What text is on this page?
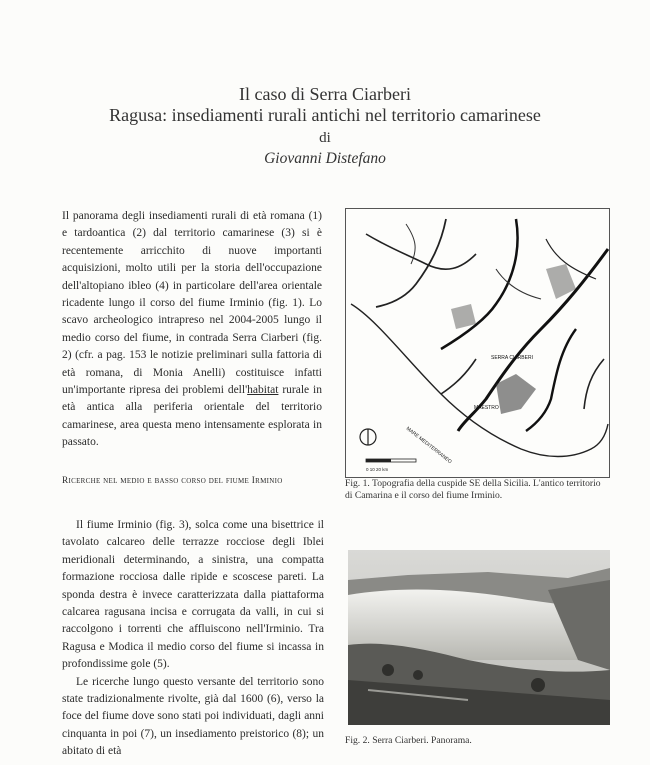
Il caso di Serra Ciarberi
Ragusa: insediamenti rurali antichi nel territorio camarinese
di
Giovanni Distefano

Il panorama degli insediamenti rurali di età romana (1) e tardoantica (2) dal territorio camarinese (3) si è recentemente arricchito di nuove importanti acquisizioni, molto utili per la storia dell'occupazione dell'altopiano ibleo (4) in particolare dell'area orientale ricadente lungo il corso del fiume Irminio (fig. 1). Lo scavo archeologico intrapreso nel 2004-2005 lungo il medio corso del fiume, in contrada Serra Ciarberi (fig. 2) (cfr. a pag. 153 le notizie preliminari sulla fattoria di età romana, di Monia Anelli) costituisce infatti un'importante ripresa dei problemi dell'habitat rurale in età antica alla periferia orientale del territorio camarinese, area questa meno intensamente esplorata in passato.

Ricerche nel medio e basso corso del fiume Irminio

Il fiume Irminio (fig. 3), solca come una bisettrice il tavolato calcareo delle terrazze rocciose degli Iblei meridionali determinando, a sinistra, una compatta formazione rocciosa dalle ripide e scoscese pareti. La sponda destra è invece caratterizzata dalla piattaforma calcarea ragusana incisa e corrugata da valli, in cui si raccolgono i torrenti che affluiscono nell'Irminio. Tra Ragusa e Modica il medio corso del fiume si incassa in profondissime gole (5).

Le ricerche lungo questo versante del territorio sono state tradizionalmente rivolte, già dal 1600 (6), verso la foce del fiume dove sono stati poi individuati, dagli anni cinquanta in poi (7), un insediamento preistorico (8); un abitato di età

0 10 20 km
SERRA CIARBERI
MAESTRO
MARE MEDITERRANEO
Fig. 1. Topografia della cuspide SE della Sicilia. L'antico territorio di Camarina e il corso del fiume Irminio.
Fig. 2. Serra Ciarberi. Panorama.
